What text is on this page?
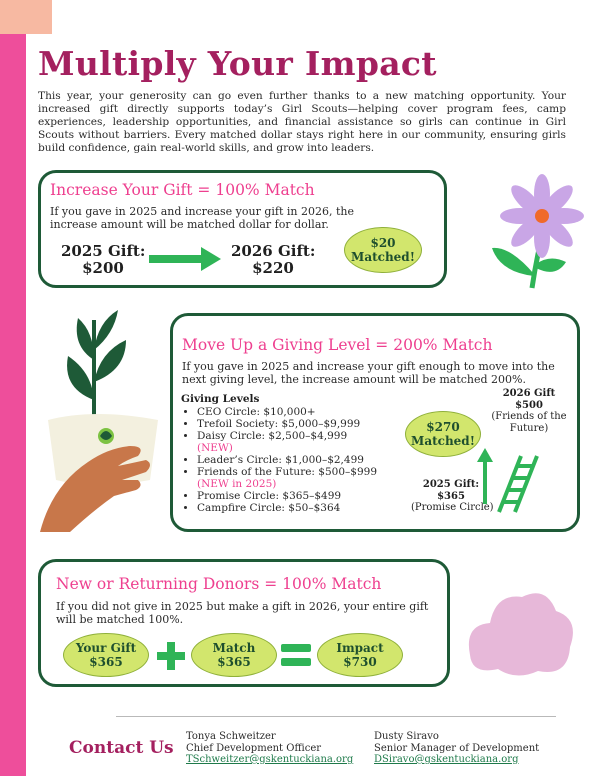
Multiply Your Impact

This year, your generosity can go even further thanks to a new matching opportunity. Your increased gift directly supports today’s Girl Scouts—helping cover program fees, camp experiences, leadership opportunities, and financial assistance so girls can continue in Girl Scouts without barriers. Every matched dollar stays right here in our community, ensuring girls build confidence, gain real-world skills, and grow into leaders.

Increase Your Gift = 100% Match

If you gave in 2025 and increase your gift in 2026, the increase amount will be matched dollar for dollar.

2025 Gift:
$200
2026 Gift:
$220
$20
Matched!
Move Up a Giving Level = 200% Match

If you gave in 2025 and increase your gift enough to move into the next giving level, the increase amount will be matched 200%.

Giving Levels
• CEO Circle: $10,000+
• Trefoil Society: $5,000–$9,999
• Daisy Circle: $2,500–$4,999
(NEW)
• Leader’s Circle: $1,000–$2,499
• Friends of the Future: $500–$999
(NEW in 2025)
• Promise Circle: $365–$499
• Campfire Circle: $50–$364
$270
Matched!
2026 Gift
$500
(Friends of the Future)
2025 Gift:
$365
(Promise Circle)
New or Returning Donors = 100% Match

If you did not give in 2025 but make a gift in 2026, your entire gift will be matched 100%.

Your Gift
$365
Match
$365
Impact
$730
Contact Us
Tonya Schweitzer
Chief Development Officer
TSchweitzer@gskentuckiana.org
Dusty Siravo
Senior Manager of Development
DSiravo@gskentuckiana.org
